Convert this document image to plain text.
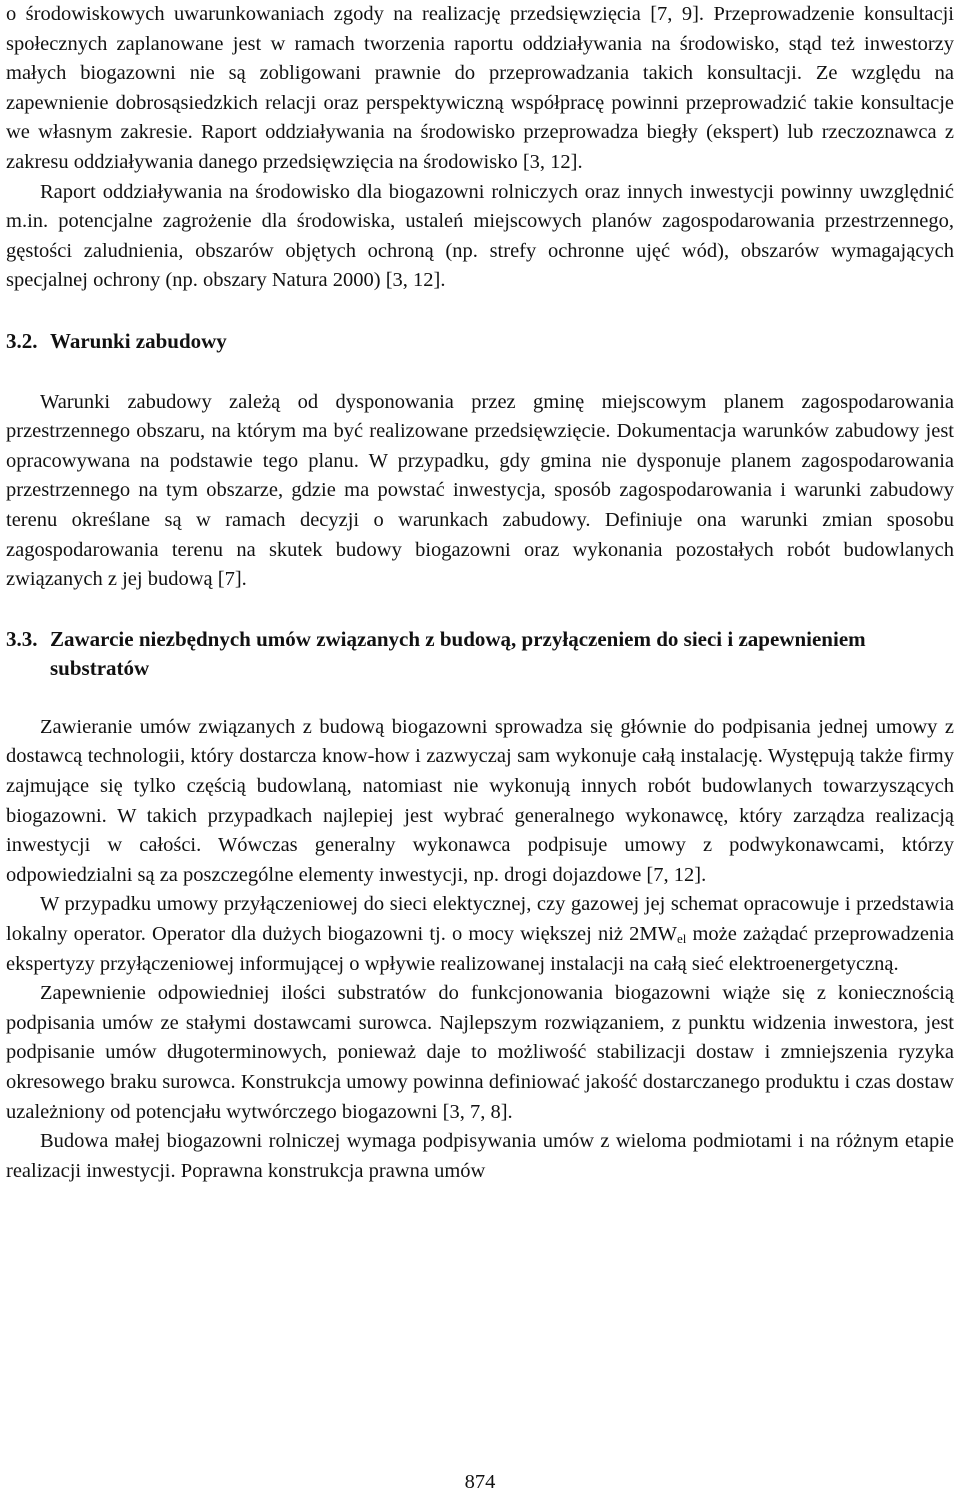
o środowiskowych uwarunkowaniach zgody na realizację przedsięwzięcia [7, 9]. Przeprowadzenie konsultacji społecznych zaplanowane jest w ramach tworzenia raportu oddziaływania na środowisko, stąd też inwestorzy małych biogazowni nie są zobligowani prawnie do przeprowadzania takich konsultacji. Ze względu na zapewnienie dobrosąsiedzkich relacji oraz perspektywiczną współpracę powinni przeprowadzić takie konsultacje we własnym zakresie. Raport oddziaływania na środowisko przeprowadza biegły (ekspert) lub rzeczoznawca z zakresu oddziaływania danego przedsięwzięcia na środowisko [3, 12].

Raport oddziaływania na środowisko dla biogazowni rolniczych oraz innych inwestycji powinny uwzględnić m.in. potencjalne zagrożenie dla środowiska, ustaleń miejscowych planów zagospodarowania przestrzennego, gęstości zaludnienia, obszarów objętych ochroną (np. strefy ochronne ujęć wód), obszarów wymagających specjalnej ochrony (np. obszary Natura 2000) [3, 12].

3.2. Warunki zabudowy

Warunki zabudowy zależą od dysponowania przez gminę miejscowym planem zagospodarowania przestrzennego obszaru, na którym ma być realizowane przedsięwzięcie. Dokumentacja warunków zabudowy jest opracowywana na podstawie tego planu. W przypadku, gdy gmina nie dysponuje planem zagospodarowania przestrzennego na tym obszarze, gdzie ma powstać inwestycja, sposób zagospodarowania i warunki zabudowy terenu określane są w ramach decyzji o warunkach zabudowy. Definiuje ona warunki zmian sposobu zagospodarowania terenu na skutek budowy biogazowni oraz wykonania pozostałych robót budowlanych związanych z jej budową [7].

3.3. Zawarcie niezbędnych umów związanych z budową, przyłączeniem do sieci i zapewnieniem substratów

Zawieranie umów związanych z budową biogazowni sprowadza się głównie do podpisania jednej umowy z dostawcą technologii, który dostarcza know-how i zazwyczaj sam wykonuje całą instalację. Występują także firmy zajmujące się tylko częścią budowlaną, natomiast nie wykonują innych robót budowlanych towarzyszących biogazowni. W takich przypadkach najlepiej jest wybrać generalnego wykonawcę, który zarządza realizacją inwestycji w całości. Wówczas generalny wykonawca podpisuje umowy z podwykonawcami, którzy odpowiedzialni są za poszczególne elementy inwestycji, np. drogi dojazdowe [7, 12].

W przypadku umowy przyłączeniowej do sieci elektycznej, czy gazowej jej schemat opracowuje i przedstawia lokalny operator. Operator dla dużych biogazowni tj. o mocy większej niż $2MW_{el}$ może zażądać przeprowadzenia ekspertyzy przyłączeniowej informującej o wpływie realizowanej instalacji na całą sieć elektroenergetyczną.

Zapewnienie odpowiedniej ilości substratów do funkcjonowania biogazowni wiąże się z koniecznością podpisania umów ze stałymi dostawcami surowca. Najlepszym rozwiązaniem, z punktu widzenia inwestora, jest podpisanie umów długoterminowych, ponieważ daje to możliwość stabilizacji dostaw i zmniejszenia ryzyka okresowego braku surowca. Konstrukcja umowy powinna definiować jakość dostarczanego produktu i czas dostaw uzależniony od potencjału wytwórczego biogazowni [3, 7, 8].

Budowa małej biogazowni rolniczej wymaga podpisywania umów z wieloma podmiotami i na różnym etapie realizacji inwestycji. Poprawna konstrukcja prawna umów

874
